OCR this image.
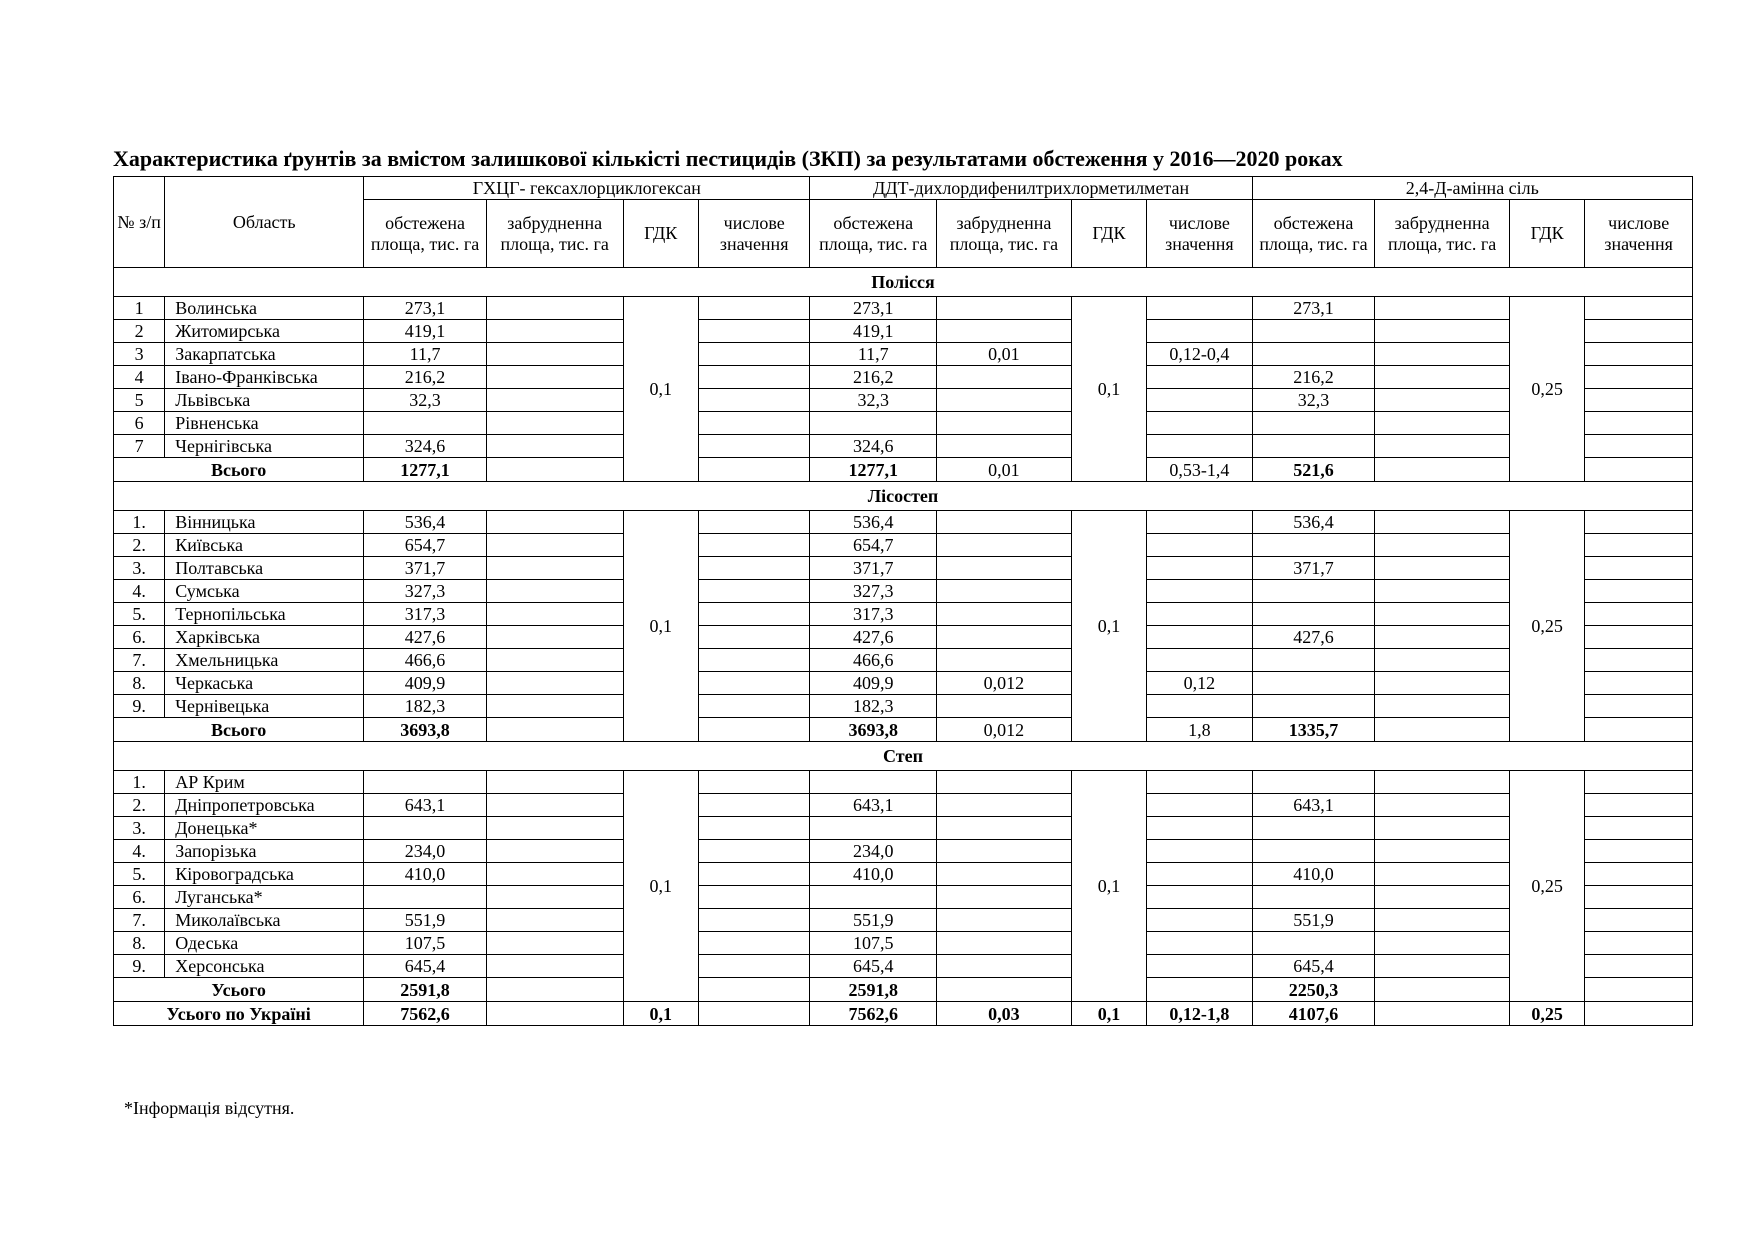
Характеристика ґрунтів за вмістом залишкової кількісті пестицидів (ЗКП) за результатами обстеження у 2016—2020 роках
№ з/п	Область	ГХЦГ- гексахлорциклогексан				ДДТ-дихлордифенилтрихлорметилметан				2,4-Д-амінна сіль			
		обстежена площа, тис. га	забрудненна площа, тис. га	ГДК	числове значення	обстежена площа, тис. га	забрудненна площа, тис. га	ГДК	числове значення	обстежена площа, тис. га	забрудненна площа, тис. га	ГДК	числове значення
Полісся													
1	Волинська	273,1		0,1		273,1		0,1		273,1		0,25	
2	Житомирська	419,1				419,1							
3	Закарпатська	11,7				11,7	0,01		0,12-0,4				
4	Івано-Франківська	216,2				216,2				216,2			
5	Львівська	32,3				32,3				32,3			
6	Рівненська												
7	Чернігівська	324,6				324,6							
Всього		1277,1				1277,1	0,01		0,53-1,4	521,6			
Лісостеп													
1.	Вінницька	536,4		0,1		536,4		0,1		536,4		0,25	
2.	Київська	654,7				654,7							
3.	Полтавська	371,7				371,7				371,7			
4.	Сумська	327,3				327,3							
5.	Тернопільська	317,3				317,3							
6.	Харківська	427,6				427,6				427,6			
7.	Хмельницька	466,6				466,6							
8.	Черкаська	409,9				409,9	0,012		0,12				
9.	Чернівецька	182,3				182,3							
Всього		3693,8				3693,8	0,012		1,8	1335,7			
Степ													
1.	АР Крим			0,1				0,1				0,25	
2.	Дніпропетровська	643,1				643,1				643,1			
3.	Донецька*												
4.	Запорізька	234,0				234,0							
5.	Кіровоградська	410,0				410,0				410,0			
6.	Луганська*												
7.	Миколаївська	551,9				551,9				551,9			
8.	Одеська	107,5				107,5							
9.	Херсонська	645,4				645,4				645,4			
Усього		2591,8				2591,8				2250,3			
Усього по Україні		7562,6		0,1		7562,6	0,03	0,1	0,12-1,8	4107,6		0,25	
*Інформація відсутня.
